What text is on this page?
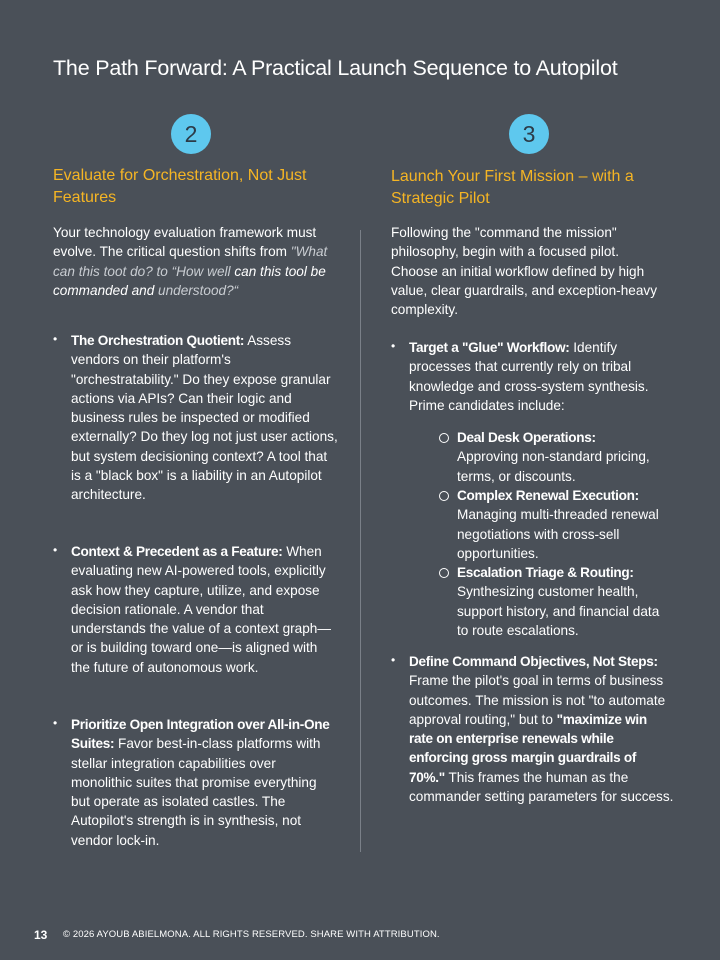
The Path Forward: A Practical Launch Sequence to Autopilot
2	3
Evaluate for Orchestration, Not Just Features
Your technology evaluation framework must evolve. The critical question shifts from "What can this toot do? to “How well can this tool be commanded and understood?“
• The Orchestration Quotient: Assess vendors on their platform's "orchestratability." Do they expose granular actions via APIs? Can their logic and business rules be inspected or modified externally? Do they log not just user actions, but system decisioning context? A tool that is a "black box" is a liability in an Autopilot architecture.
• Context & Precedent as a Feature: When evaluating new AI-powered tools, explicitly ask how they capture, utilize, and expose decision rationale. A vendor that understands the value of a context graph—or is building toward one—is aligned with the future of autonomous work.
• Prioritize Open Integration over All-in-One Suites: Favor best-in-class platforms with stellar integration capabilities over monolithic suites that promise everything but operate as isolated castles. The Autopilot's strength is in synthesis, not vendor lock-in.
Launch Your First Mission – with a Strategic Pilot
Following the "command the mission" philosophy, begin with a focused pilot. Choose an initial workflow defined by high value, clear guardrails, and exception-heavy complexity.
• Target a "Glue" Workflow: Identify processes that currently rely on tribal knowledge and cross-system synthesis. Prime candidates include:
Deal Desk Operations:
Approving non-standard pricing, terms, or discounts.
Complex Renewal Execution:
Managing multi-threaded renewal negotiations with cross-sell opportunities.
Escalation Triage & Routing:
Synthesizing customer health, support history, and financial data to route escalations.
• Define Command Objectives, Not Steps: Frame the pilot's goal in terms of business outcomes. The mission is not "to automate approval routing," but to "maximize win rate on enterprise renewals while enforcing gross margin guardrails of 70%." This frames the human as the commander setting parameters for success.
13 © 2026 AYOUB ABIELMONA. ALL RIGHTS RESERVED. SHARE WITH ATTRIBUTION.
